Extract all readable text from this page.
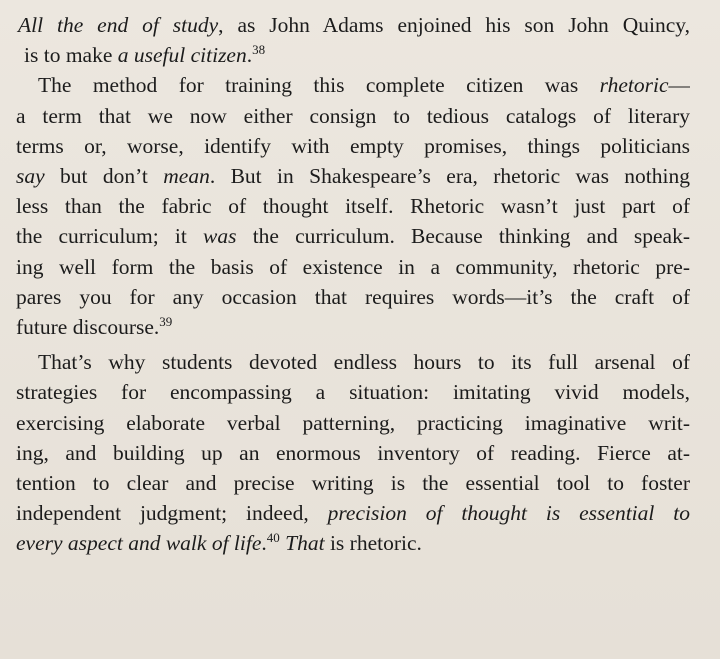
All the end of study, as John Adams enjoined his son John Quincy,
is to make a useful citizen.$^{38}$
The method for training this complete citizen was rhetoric—
a term that we now either consign to tedious catalogs of literary
terms or, worse, identify with empty promises, things politicians
say but don’t mean. But in Shakespeare’s era, rhetoric was nothing
less than the fabric of thought itself. Rhetoric wasn’t just part of
the curriculum; it was the curriculum. Because thinking and speak-
ing well form the basis of existence in a community, rhetoric pre-
pares you for any occasion that requires words—it’s the craft of
future discourse.$^{39}$
That’s why students devoted endless hours to its full arsenal of
strategies for encompassing a situation: imitating vivid models,
exercising elaborate verbal patterning, practicing imaginative writ-
ing, and building up an enormous inventory of reading. Fierce at-
tention to clear and precise writing is the essential tool to foster
independent judgment; indeed, precision of thought is essential to
every aspect and walk of life.$^{40}$ That is rhetoric.
